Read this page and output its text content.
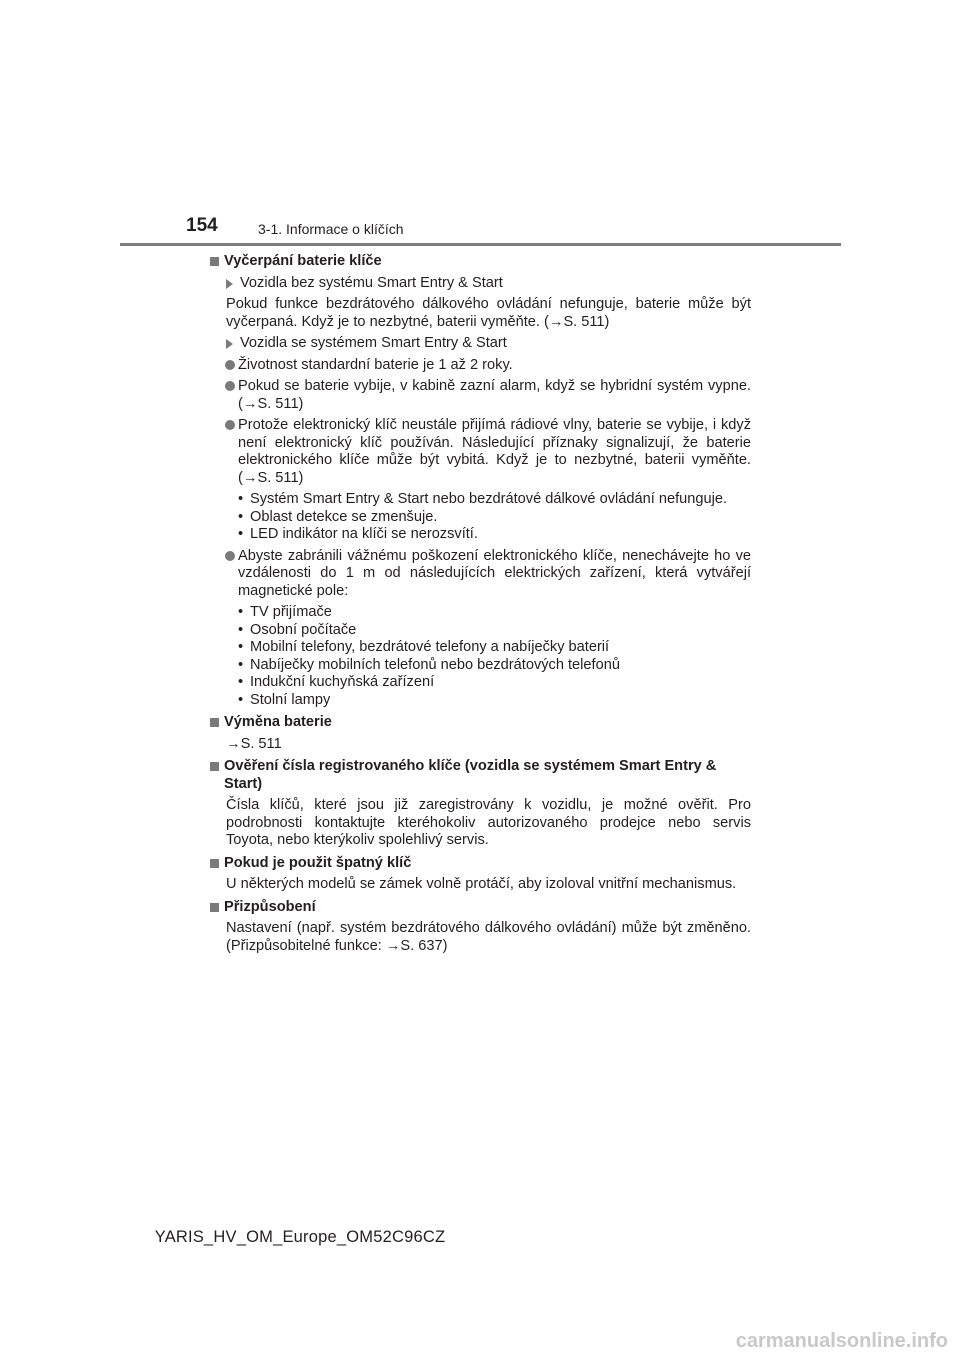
154	3-1. Informace o klíčích
Vyčerpání baterie klíče
Vozidla bez systému Smart Entry & Start
Pokud funkce bezdrátového dálkového ovládání nefunguje, baterie může být vyčerpaná. Když je to nezbytné, baterii vyměňte. (→S. 511)
Vozidla se systémem Smart Entry & Start
Životnost standardní baterie je 1 až 2 roky.
Pokud se baterie vybije, v kabině zazní alarm, když se hybridní systém vypne. (→S. 511)
Protože elektronický klíč neustále přijímá rádiové vlny, baterie se vybije, i když není elektronický klíč používán. Následující příznaky signalizují, že baterie elektronického klíče může být vybitá. Když je to nezbytné, baterii vyměňte. (→S. 511)
• Systém Smart Entry & Start nebo bezdrátové dálkové ovládání nefunguje.
• Oblast detekce se zmenšuje.
• LED indikátor na klíči se nerozsvítí.
Abyste zabránili vážnému poškození elektronického klíče, nenechávejte ho ve vzdálenosti do 1 m od následujících elektrických zařízení, která vytvářejí magnetické pole:
• TV přijímače
• Osobní počítače
• Mobilní telefony, bezdrátové telefony a nabíječky baterií
• Nabíječky mobilních telefonů nebo bezdrátových telefonů
• Indukční kuchyňská zařízení
• Stolní lampy
Výměna baterie
→S. 511
Ověření čísla registrovaného klíče (vozidla se systémem Smart Entry & Start)
Čísla klíčů, které jsou již zaregistrovány k vozidlu, je možné ověřit. Pro podrobnosti kontaktujte kteréhokoliv autorizovaného prodejce nebo servis Toyota, nebo kterýkoliv spolehlivý servis.
Pokud je použit špatný klíč
U některých modelů se zámek volně protáčí, aby izoloval vnitřní mechanismus.
Přizpůsobení
Nastavení (např. systém bezdrátového dálkového ovládání) může být změněno. (Přizpůsobitelné funkce: →S. 637)
YARIS_HV_OM_Europe_OM52C96CZ
carmanualsonline.info
